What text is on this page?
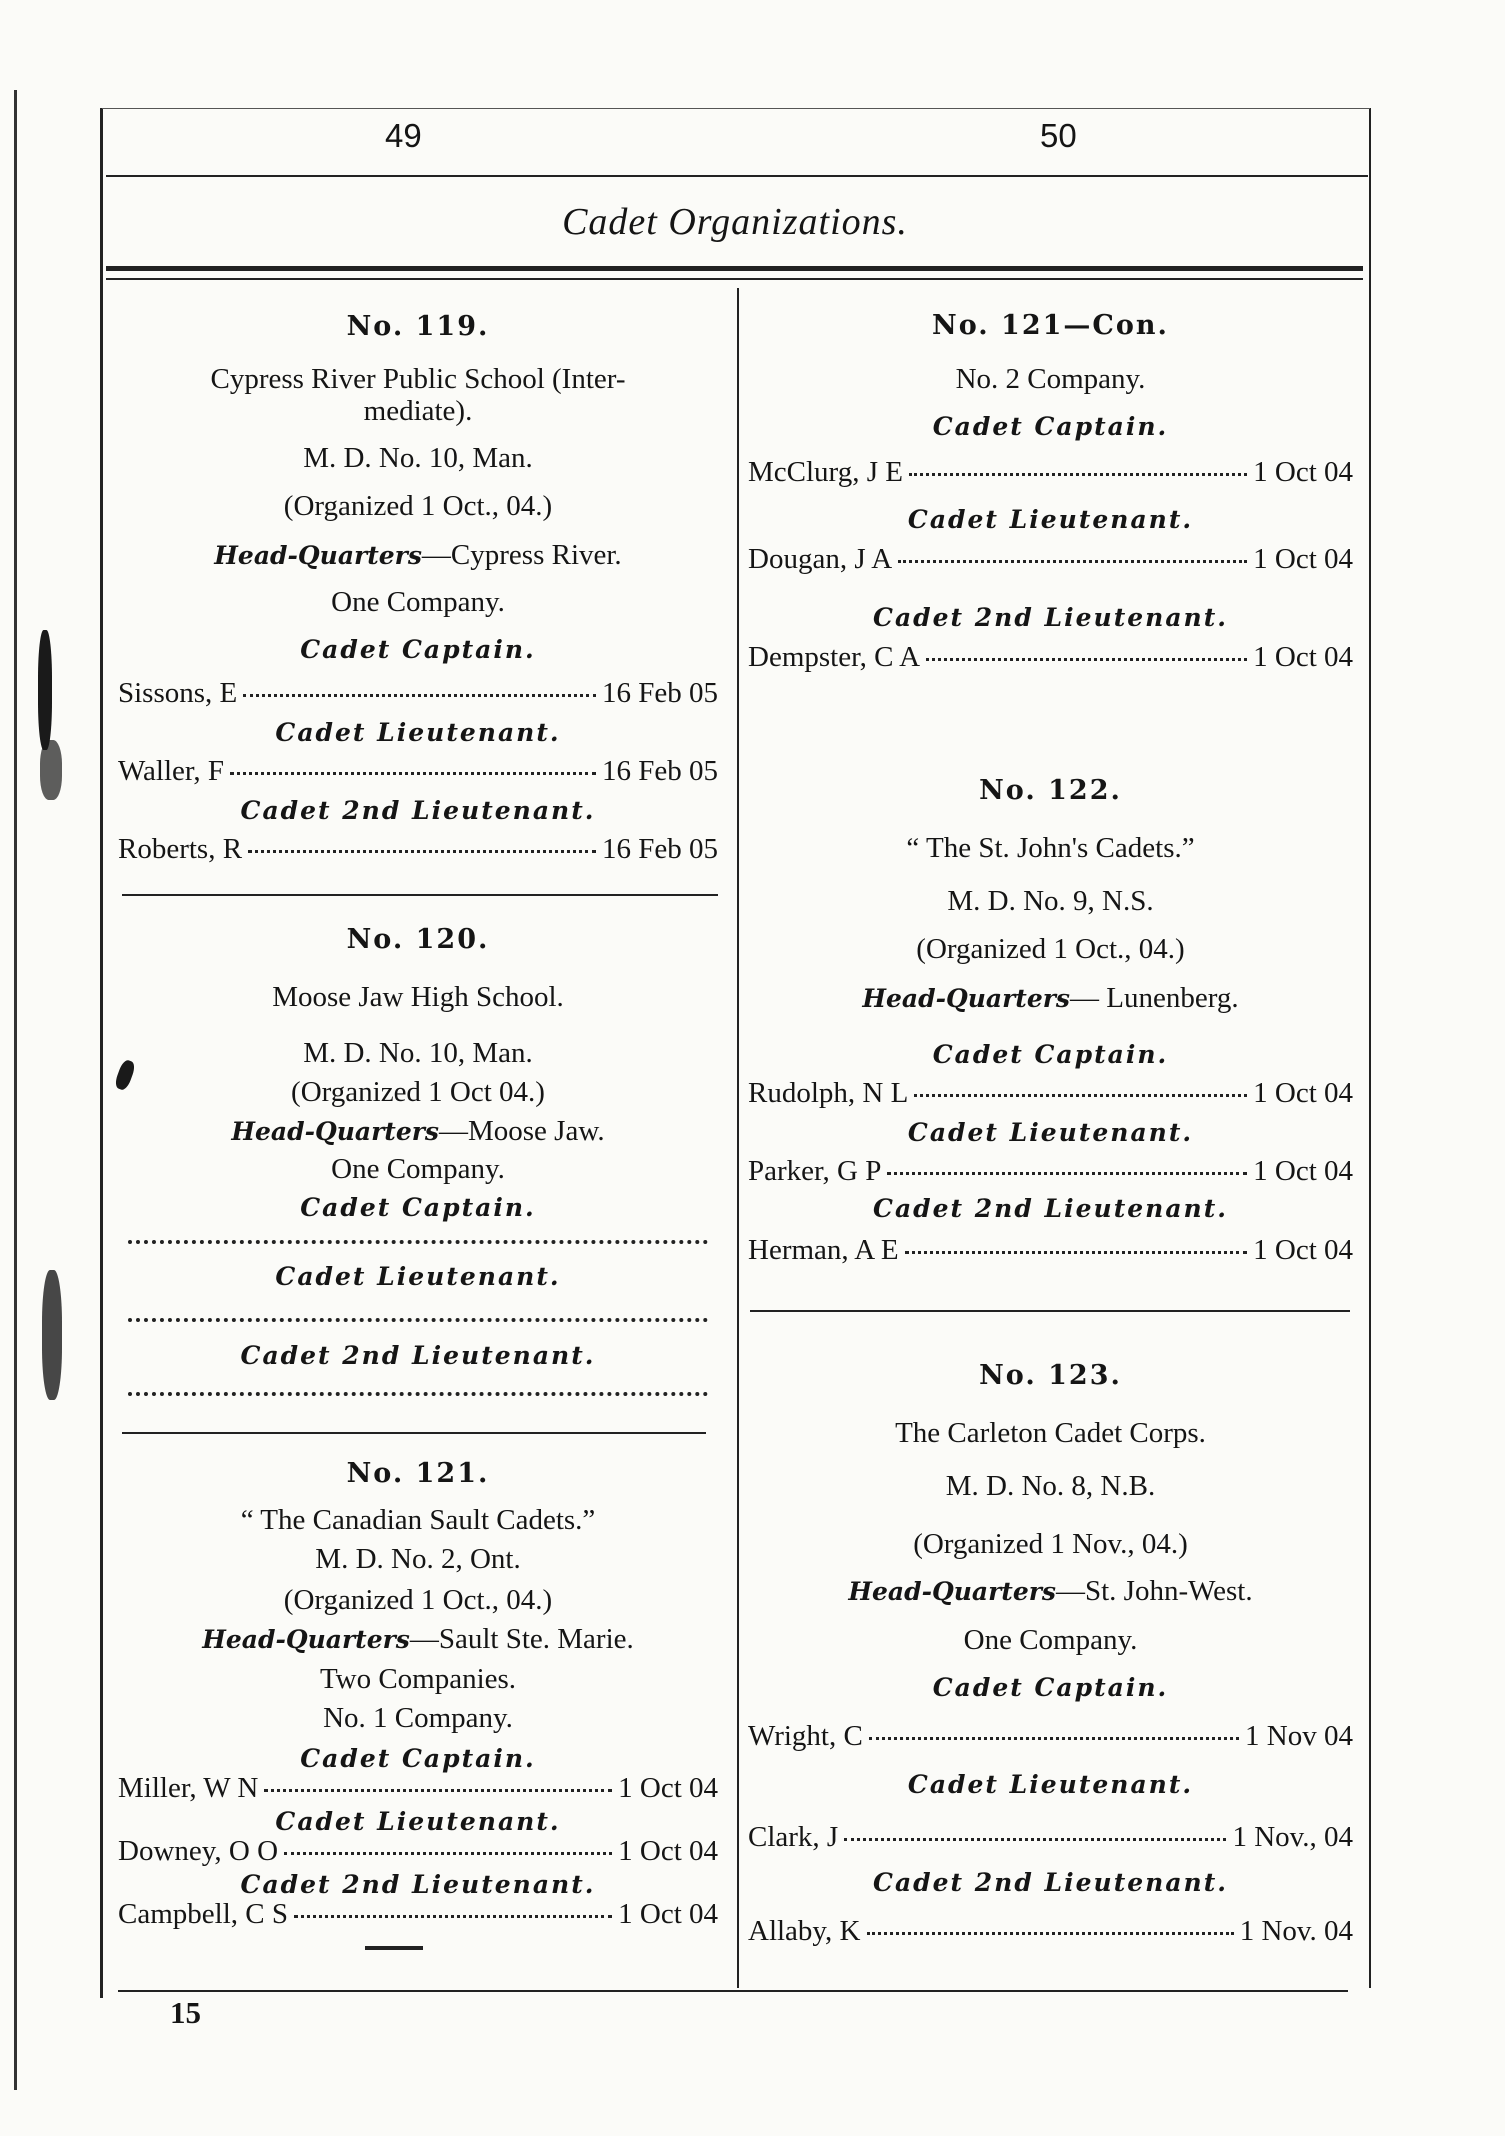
49	50
Cadet Organizations.
No. 119.
Cypress River Public School (Inter-
mediate).
M. D. No. 10, Man.
(Organized 1 Oct., 04.)
Head-Quarters—Cypress River.
One Company.
Cadet Captain.
Sissons, E	16 Feb 05
Cadet Lieutenant.
Waller, F	16 Feb 05
Cadet 2nd Lieutenant.
Roberts, R	16 Feb 05
No. 120.
Moose Jaw High School.
M. D. No. 10, Man.
(Organized 1 Oct 04.)
Head-Quarters—Moose Jaw.
One Company.
Cadet Captain.
Cadet Lieutenant.
Cadet 2nd Lieutenant.
No. 121.
“ The Canadian Sault Cadets.”
M. D. No. 2, Ont.
(Organized 1 Oct., 04.)
Head-Quarters—Sault Ste. Marie.
Two Companies.
No. 1 Company.
Cadet Captain.
Miller, W N	1 Oct 04
Cadet Lieutenant.
Downey, O O	1 Oct 04
Cadet 2nd Lieutenant.
Campbell, C S	1 Oct 04
No. 121—Con.
No. 2 Company.
Cadet Captain.
McClurg, J E	1 Oct 04
Cadet Lieutenant.
Dougan, J A	1 Oct 04
Cadet 2nd Lieutenant.
Dempster, C A	1 Oct 04
No. 122.
“ The St. John's Cadets.”
M. D. No. 9, N.S.
(Organized 1 Oct., 04.)
Head-Quarters— Lunenberg.
Cadet Captain.
Rudolph, N L	1 Oct 04
Cadet Lieutenant.
Parker, G P	1 Oct 04
Cadet 2nd Lieutenant.
Herman, A E	1 Oct 04
No. 123.
The Carleton Cadet Corps.
M. D. No. 8, N.B.
(Organized 1 Nov., 04.)
Head-Quarters—St. John-West.
One Company.
Cadet Captain.
Wright, C	1 Nov 04
Cadet Lieutenant.
Clark, J	1 Nov., 04
Cadet 2nd Lieutenant.
Allaby, K	1 Nov. 04
15
